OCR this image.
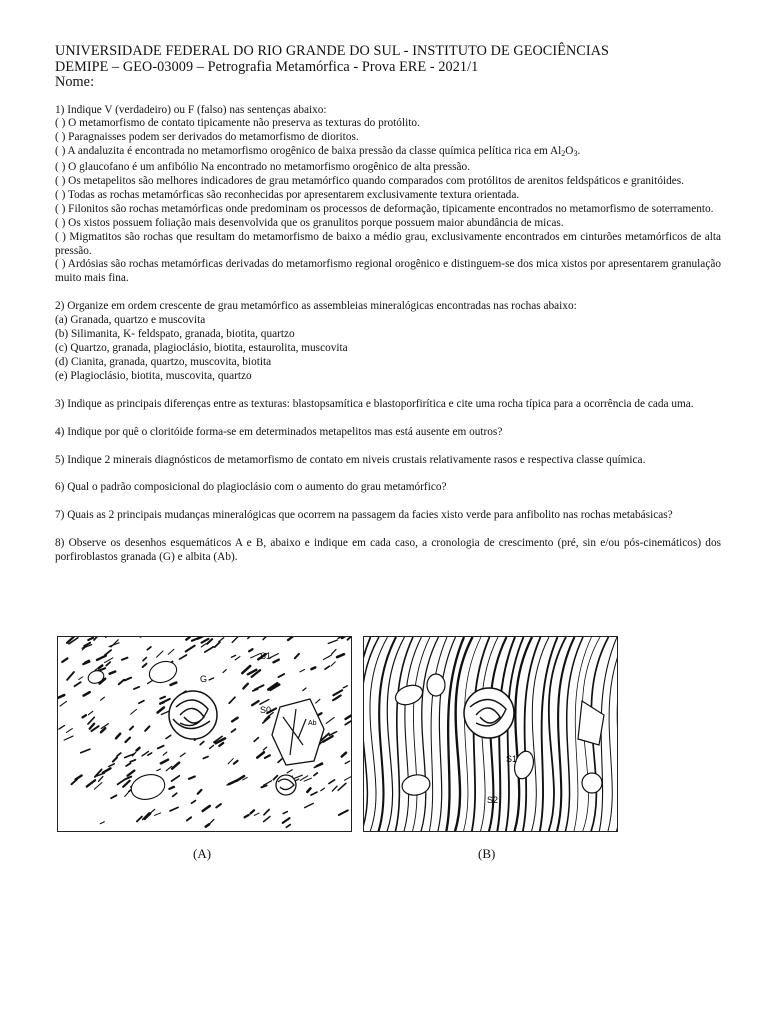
UNIVERSIDADE FEDERAL DO RIO GRANDE DO SUL - INSTITUTO DE GEOCIÊNCIAS
DEMIPE – GEO-03009 – Petrografia Metamórfica - Prova ERE - 2021/1
Nome:
1) Indique V (verdadeiro) ou F (falso) nas sentenças abaixo:
( ) O metamorfismo de contato tipicamente não preserva as texturas do protólito.
( ) Paragnaisses podem ser derivados do metamorfismo de dioritos.
( ) A andaluzita é encontrada no metamorfismo orogênico de baixa pressão da classe química pelítica rica em $Al_2O_3$.
( ) O glaucofano é um anfibólio Na encontrado no metamorfismo orogênico de alta pressão.
( ) Os metapelitos são melhores indicadores de grau metamórfico quando comparados com protólitos de arenitos feldspáticos e granitóides.
( ) Todas as rochas metamórficas são reconhecidas por apresentarem exclusivamente textura orientada.
( ) Filonitos são rochas metamórficas onde predominam os processos de deformação, tipicamente encontrados no metamorfismo de soterramento.
( ) Os xistos possuem foliação mais desenvolvida que os granulitos porque possuem maior abundância de micas.
( ) Migmatitos são rochas que resultam do metamorfismo de baixo a médio grau, exclusivamente encontrados em cinturões metamórficos de alta pressão.
( ) Ardósias são rochas metamórficas derivadas do metamorfismo regional orogênico e distinguem-se dos mica xistos por apresentarem granulação muito mais fina.
2) Organize em ordem crescente de grau metamórfico as assembleias mineralógicas encontradas nas rochas abaixo:
(a) Granada, quartzo e muscovita
(b) Silimanita, K- feldspato, granada, biotita, quartzo
(c) Quartzo, granada, plagioclásio, biotita, estaurolita, muscovita
(d) Cianita, granada, quartzo, muscovita, biotita
(e) Plagioclásio, biotita, muscovita, quartzo
3) Indique as principais diferenças entre as texturas: blastopsamítica e blastoporfirítica e cite uma rocha típica para a ocorrência de cada uma.
4) Indique por quê o cloritóide forma-se em determinados metapelitos mas está ausente em outros?
5) Indique 2 minerais diagnósticos de metamorfismo de contato em niveis crustais relativamente rasos e respectiva classe química.
6) Qual o padrão composicional do plagioclásio com o aumento do grau metamórfico?
7) Quais as 2 principais mudanças mineralógicas que ocorrem na passagem da facies xisto verde para anfibolito nas rochas metabásicas?
8) Observe os desenhos esquemáticos A e B, abaixo e indique em cada caso, a cronologia de crescimento (pré, sin e/ou pós-cinemáticos) dos porfiroblastos granada (G) e albita (Ab).
G
S1
S0
Ab
S1
S2
(A)	(B)
